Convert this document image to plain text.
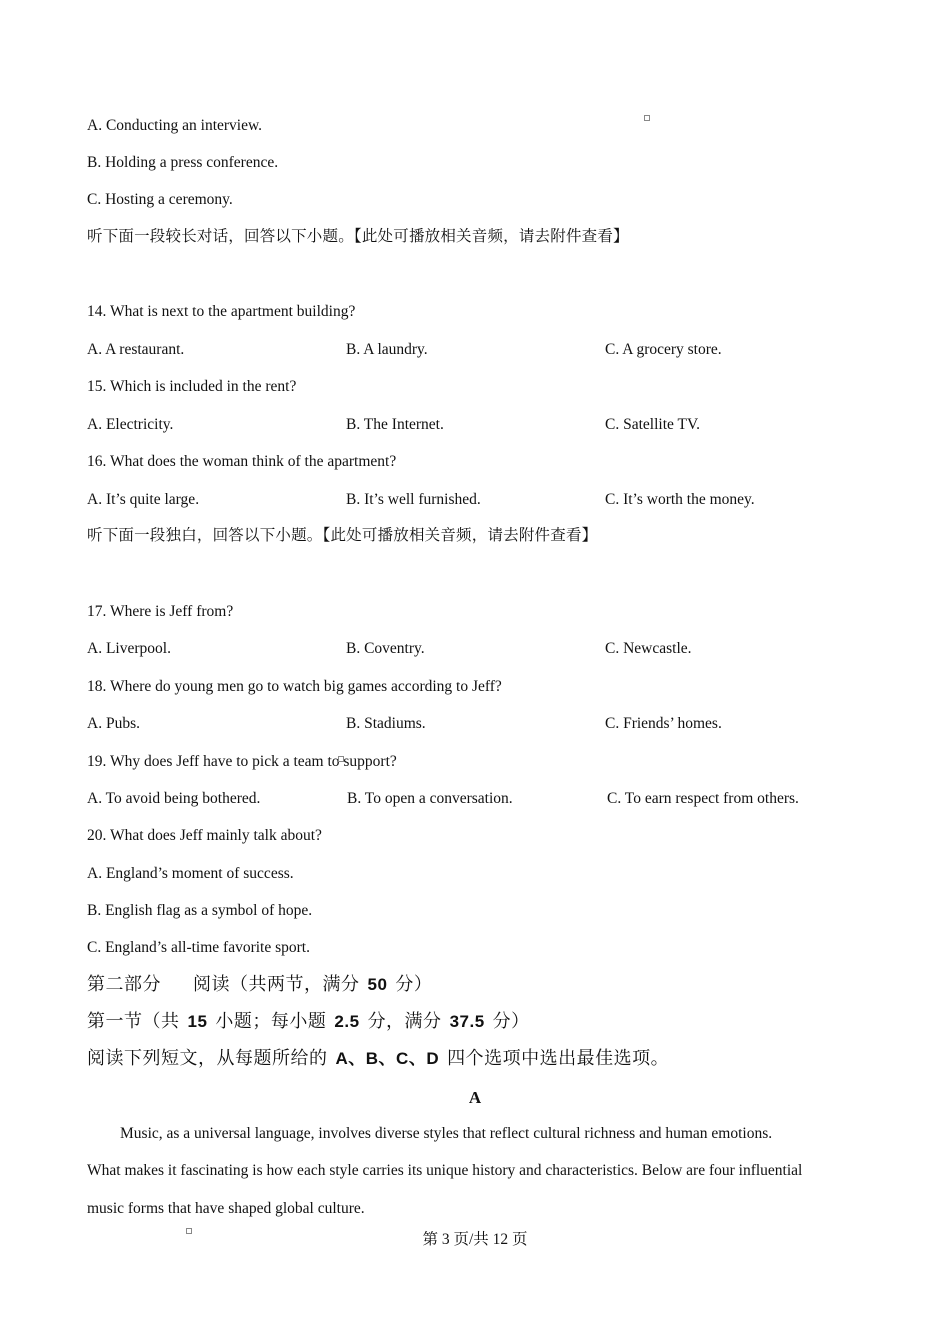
A. Conducting an interview.
B. Holding a press conference.
C. Hosting a ceremony.
听下面一段较长对话，回答以下小题。【此处可播放相关音频，请去附件查看】
14. What is next to the apartment building?
A. A restaurant.	B. A laundry.	C. A grocery store.
15. Which is included in the rent?
A. Electricity.	B. The Internet.	C. Satellite TV.
16. What does the woman think of the apartment?
A. It’s quite large.	B. It’s well furnished.	C. It’s worth the money.
听下面一段独白，回答以下小题。【此处可播放相关音频，请去附件查看】
17. Where is Jeff from?
A. Liverpool.	B. Coventry.	C. Newcastle.
18. Where do young men go to watch big games according to Jeff?
A. Pubs.	B. Stadiums.	C. Friends’ homes.
19. Why does Jeff have to pick a team to support?
A. To avoid being bothered.	B. To open a conversation.	C. To earn respect from others.
20. What does Jeff mainly talk about?
A. England’s moment of success.
B. English flag as a symbol of hope.
C. England’s all-time favorite sport.
第二部分 阅读（共两节，满分 50 分）
第一节（共 15 小题；每小题 2.5 分，满分 37.5 分）
阅读下列短文，从每题所给的 A、B、C、D 四个选项中选出最佳选项。
A
Music, as a universal language, involves diverse styles that reflect cultural richness and human emotions.
What makes it fascinating is how each style carries its unique history and characteristics. Below are four influential
music forms that have shaped global culture.
第 3 页/共 12 页
